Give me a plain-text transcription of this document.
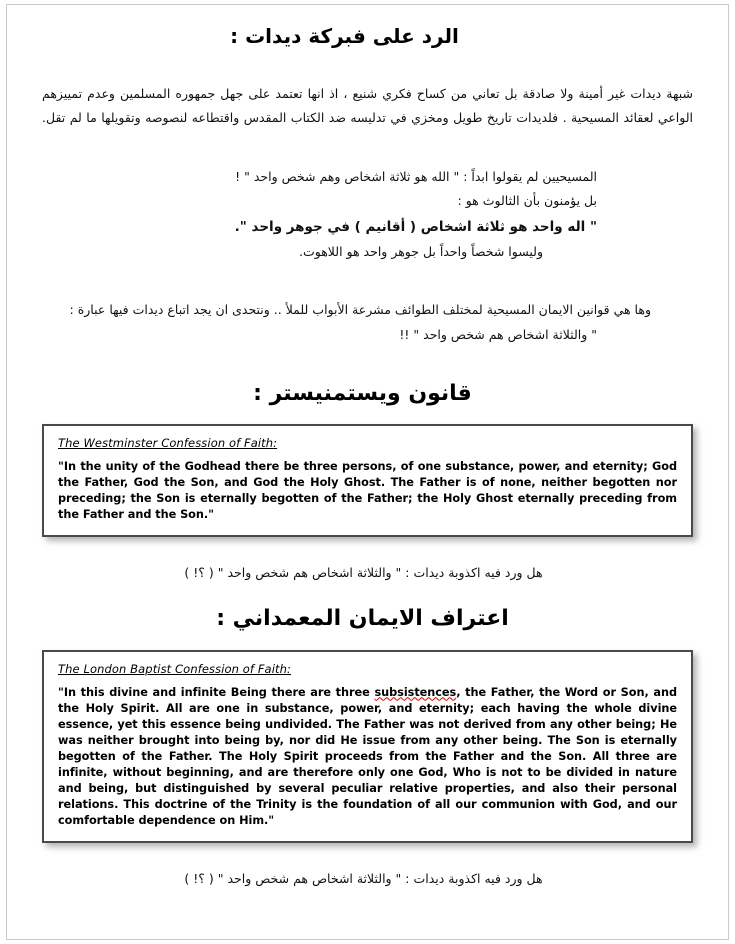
الرد على فبركة ديدات :

شبهة ديدات غير أمينة ولا صادقة بل تعاني من كساح فكري شنيع ، اذ انها تعتمد على جهل جمهوره المسلمين وعدم تمييزهم الواعي لعقائد المسيحية . فلديدات تاريخ طويل ومخزي في تدليسه ضد الكتاب المقدس واقتطاعه لنصوصه وتقويلها ما لم تقل.

المسيحيين لم يقولوا ابداً : " الله هو ثلاثة اشخاص وهم شخص واحد " !
بل يؤمنون بأن الثالوث هو :
" اله واحد هو ثلاثة اشخاص ( أقانيم ) في جوهر واحد ".
وليسوا شخصاً واحداً بل جوهر واحد هو اللاهوت.
وها هي قوانين الايمان المسيحية لمختلف الطوائف مشرعة الأبواب للملأ .. ونتحدى ان يجد اتباع ديدات فيها عبارة :
" والثلاثة اشخاص هم شخص واحد " !!
قانون ويستمنيستر :
The Westminster Confession of Faith:
"In the unity of the Godhead there be three persons, of one substance, power, and eternity; God the Father, God the Son, and God the Holy Ghost. The Father is of none, neither begotten nor preceding; the Son is eternally begotten of the Father; the Holy Ghost eternally preceding from the Father and the Son."
هل ورد فيه اكذوبة ديدات : " والثلاثة اشخاص هم شخص واحد " ( ؟! )
اعتراف الايمان المعمداني :
The London Baptist Confession of Faith:
"In this divine and infinite Being there are three subsistences, the Father, the Word or Son, and the Holy Spirit. All are one in substance, power, and eternity; each having the whole divine essence, yet this essence being undivided. The Father was not derived from any other being; He was neither brought into being by, nor did He issue from any other being. The Son is eternally begotten of the Father. The Holy Spirit proceeds from the Father and the Son. All three are infinite, without beginning, and are therefore only one God, Who is not to be divided in nature and being, but distinguished by several peculiar relative properties, and also their personal relations. This doctrine of the Trinity is the foundation of all our communion with God, and our comfortable dependence on Him."
هل ورد فيه اكذوبة ديدات : " والثلاثة اشخاص هم شخص واحد " ( ؟! )
